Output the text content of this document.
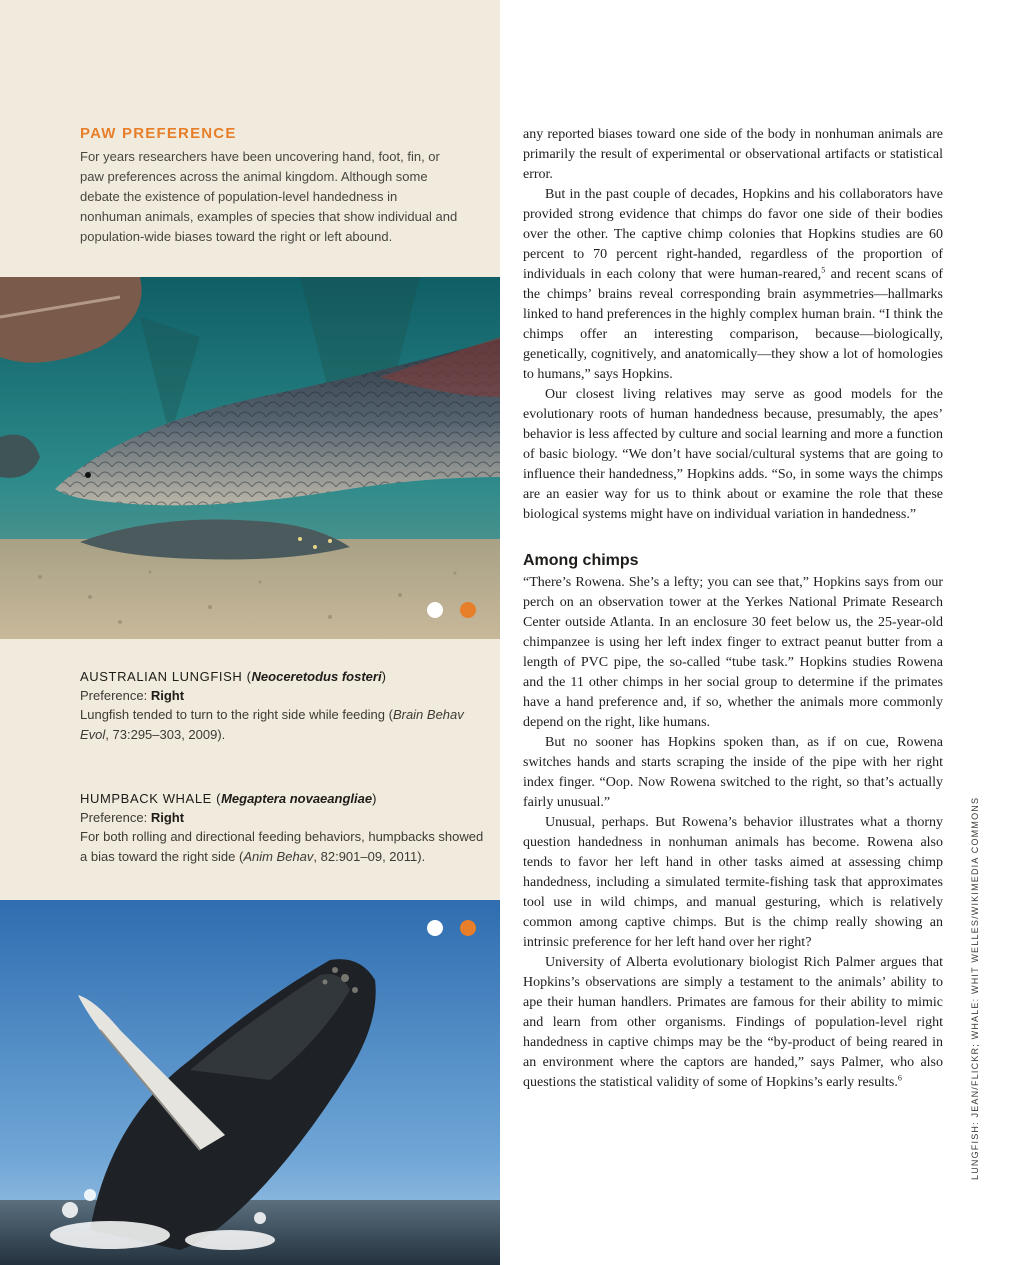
PAW PREFERENCE

For years researchers have been uncovering hand, foot, fin, or paw preferences across the animal kingdom. Although some debate the existence of population-level handedness in nonhuman animals, examples of species that show individual and population-wide biases toward the right or left abound.

AUSTRALIAN LUNGFISH (Neoceretodus fosteri)
Preference: Right

Lungfish tended to turn to the right side while feeding (Brain Behav Evol, 73:295–303, 2009).

HUMPBACK WHALE (Megaptera novaeangliae)
Preference: Right

For both rolling and directional feeding behaviors, humpbacks showed a bias toward the right side (Anim Behav, 82:901–09, 2011).

any reported biases toward one side of the body in nonhuman animals are primarily the result of experimental or observational artifacts or statistical error.

But in the past couple of decades, Hopkins and his collaborators have provided strong evidence that chimps do favor one side of their bodies over the other. The captive chimp colonies that Hopkins studies are 60 percent to 70 percent right-handed, regardless of the proportion of individuals in each colony that were human-reared,$^5$ and recent scans of the chimps’ brains reveal corresponding brain asymmetries—hallmarks linked to hand preferences in the highly complex human brain. “I think the chimps offer an interesting comparison, because—biologically, genetically, cognitively, and anatomically—they show a lot of homologies to humans,” says Hopkins.

Our closest living relatives may serve as good models for the evolutionary roots of human handedness because, presumably, the apes’ behavior is less affected by culture and social learning and more a function of basic biology. “We don’t have social/cultural systems that are going to influence their handedness,” Hopkins adds. “So, in some ways the chimps are an easier way for us to think about or examine the role that these biological systems might have on individual variation in handedness.”

Among chimps

“There’s Rowena. She’s a lefty; you can see that,” Hopkins says from our perch on an observation tower at the Yerkes National Primate Research Center outside Atlanta. In an enclosure 30 feet below us, the 25-year-old chimpanzee is using her left index finger to extract peanut butter from a length of PVC pipe, the so-called “tube task.” Hopkins studies Rowena and the 11 other chimps in her social group to determine if the primates have a hand preference and, if so, whether the animals more commonly depend on the right, like humans.

But no sooner has Hopkins spoken than, as if on cue, Rowena switches hands and starts scraping the inside of the pipe with her right index finger. “Oop. Now Rowena switched to the right, so that’s actually fairly unusual.”

Unusual, perhaps. But Rowena’s behavior illustrates what a thorny question handedness in nonhuman animals has become. Rowena also tends to favor her left hand in other tasks aimed at assessing chimp handedness, including a simulated termite-fishing task that approximates tool use in wild chimps, and manual gesturing, which is relatively common among captive chimps. But is the chimp really showing an intrinsic preference for her left hand over her right?

University of Alberta evolutionary biologist Rich Palmer argues that Hopkins’s observations are simply a testament to the animals’ ability to ape their human handlers. Primates are famous for their ability to mimic and learn from other organisms. Findings of population-level right handedness in captive chimps may be the “by-product of being reared in an environment where the captors are handed,” says Palmer, who also questions the statistical validity of some of Hopkins’s early results.$^6$	LUNGFISH: JEAN/FLICKR; WHALE: WHIT WELLES/WIKIMEDIA COMMONS
